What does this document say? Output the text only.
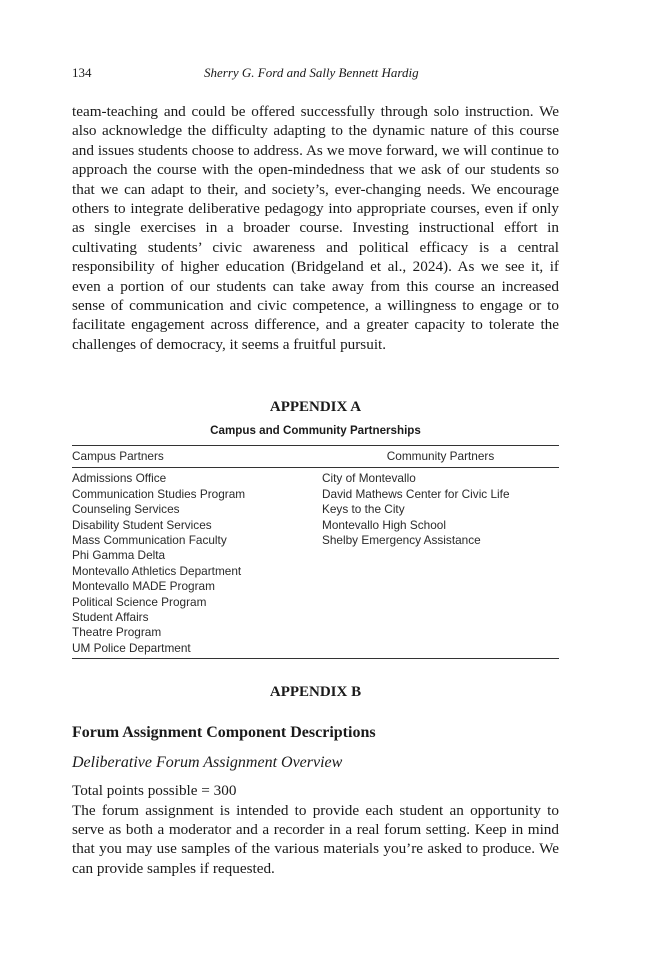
134	Sherry G. Ford and Sally Bennett Hardig

team-teaching and could be offered successfully through solo instruction. We also acknowledge the difficulty adapting to the dynamic nature of this course and issues students choose to address. As we move forward, we will continue to approach the course with the open-mindedness that we ask of our students so that we can adapt to their, and society’s, ever-changing needs. We encourage others to integrate deliberative pedagogy into appropriate courses, even if only as single exercises in a broader course. Investing instructional effort in cultivating students’ civic awareness and political efficacy is a central responsibility of higher education (Bridgeland et al., 2024). As we see it, if even a portion of our students can take away from this course an increased sense of communication and civic competence, a willingness to engage or to facilitate engagement across difference, and a greater capacity to tolerate the challenges of democracy, it seems a fruitful pursuit.

APPENDIX A
Campus and Community Partnerships
Campus Partners	Community Partners
Admissions Office
Communication Studies Program
Counseling Services
Disability Student Services
Mass Communication Faculty
Phi Gamma Delta
Montevallo Athletics Department
Montevallo MADE Program
Political Science Program
Student Affairs
Theatre Program
UM Police Department
City of Montevallo
David Mathews Center for Civic Life
Keys to the City
Montevallo High School
Shelby Emergency Assistance
APPENDIX B
Forum Assignment Component Descriptions
Deliberative Forum Assignment Overview
Total points possible = 300

The forum assignment is intended to provide each student an opportunity to serve as both a moderator and a recorder in a real forum setting. Keep in mind that you may use samples of the various materials you’re asked to produce. We can provide samples if requested.
